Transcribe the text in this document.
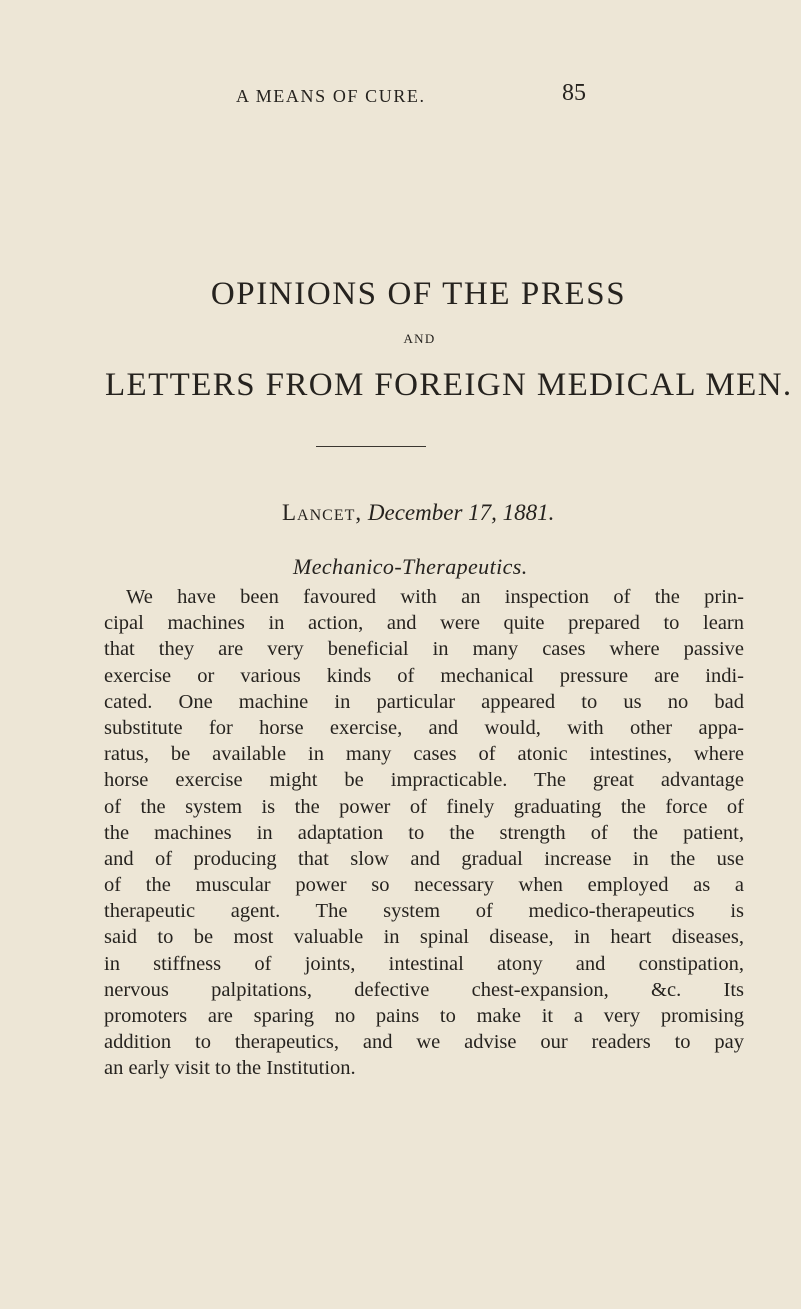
A MEANS OF CURE.	85
OPINIONS OF THE PRESS
AND
LETTERS FROM FOREIGN MEDICAL MEN.
Lancet, December 17, 1881.
Mechanico-Therapeutics.
We have been favoured with an inspection of the prin-
cipal machines in action, and were quite prepared to learn
that they are very beneficial in many cases where passive
exercise or various kinds of mechanical pressure are indi-
cated. One machine in particular appeared to us no bad
substitute for horse exercise, and would, with other appa-
ratus, be available in many cases of atonic intestines, where
horse exercise might be impracticable. The great advantage
of the system is the power of finely graduating the force of
the machines in adaptation to the strength of the patient,
and of producing that slow and gradual increase in the use
of the muscular power so necessary when employed as a
therapeutic agent. The system of medico-therapeutics is
said to be most valuable in spinal disease, in heart diseases,
in stiffness of joints, intestinal atony and constipation,
nervous palpitations, defective chest-expansion, &c. Its
promoters are sparing no pains to make it a very promising
addition to therapeutics, and we advise our readers to pay
an early visit to the Institution.
